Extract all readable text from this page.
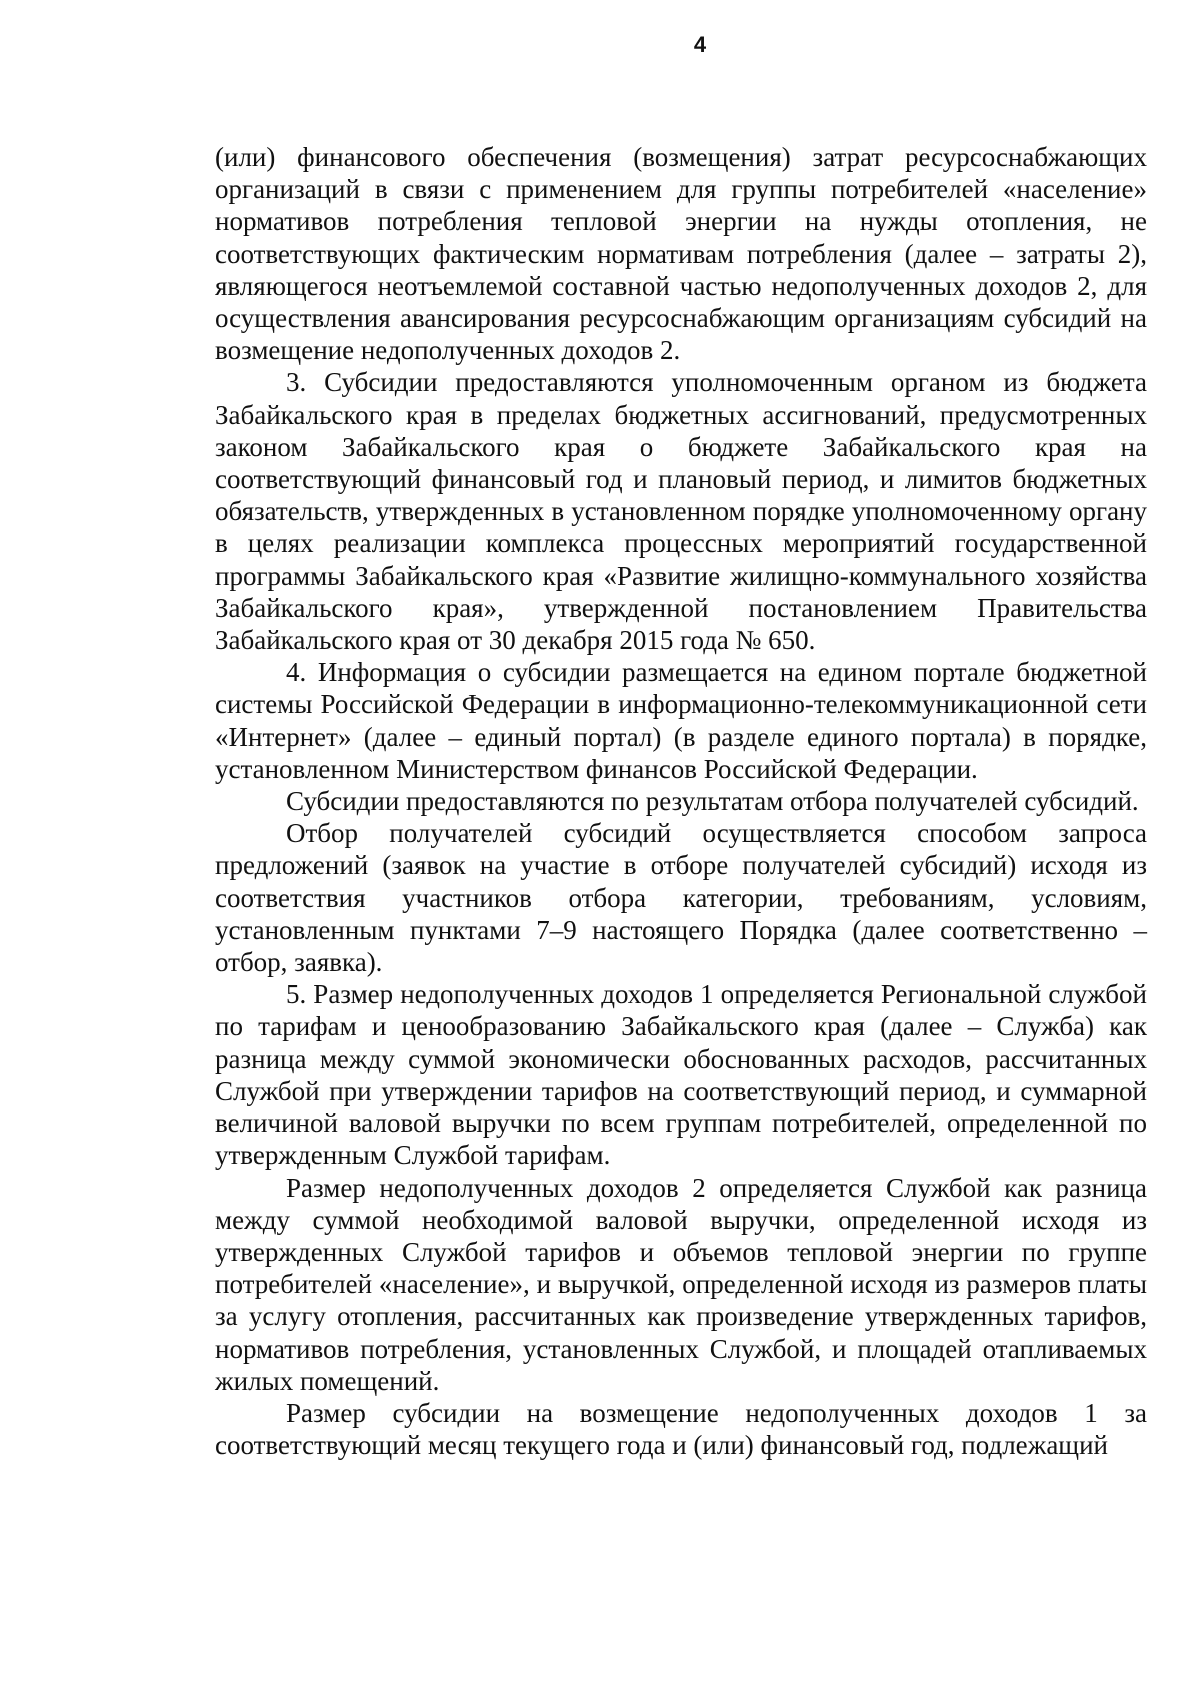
4

(или) финансового обеспечения (возмещения) затрат ресурсоснабжающих организаций в связи с применением для группы потребителей «население» нормативов потребления тепловой энергии на нужды отопления, не соответствующих фактическим нормативам потребления (далее – затраты 2), являющегося неотъемлемой составной частью недополученных доходов 2, для осуществления авансирования ресурсоснабжающим организациям субсидий на возмещение недополученных доходов 2.

3. Субсидии предоставляются уполномоченным органом из бюджета Забайкальского края в пределах бюджетных ассигнований, предусмотренных законом Забайкальского края о бюджете Забайкальского края на соответствующий финансовый год и плановый период, и лимитов бюджетных обязательств, утвержденных в установленном порядке уполномоченному органу в целях реализации комплекса процессных мероприятий государственной программы Забайкальского края «Развитие жилищно-коммунального хозяйства Забайкальского края», утвержденной постановлением Правительства Забайкальского края от 30 декабря 2015 года № 650.

4. Информация о субсидии размещается на едином портале бюджетной системы Российской Федерации в информационно-телекоммуникационной сети «Интернет» (далее – единый портал) (в разделе единого портала) в порядке, установленном Министерством финансов Российской Федерации.

Субсидии предоставляются по результатам отбора получателей субсидий.

Отбор получателей субсидий осуществляется способом запроса предложений (заявок на участие в отборе получателей субсидий) исходя из соответствия участников отбора категории, требованиям, условиям, установленным пунктами 7–9 настоящего Порядка (далее соответственно – отбор, заявка).

5. Размер недополученных доходов 1 определяется Региональной службой по тарифам и ценообразованию Забайкальского края (далее – Служба) как разница между суммой экономически обоснованных расходов, рассчитанных Службой при утверждении тарифов на соответствующий период, и суммарной величиной валовой выручки по всем группам потребителей, определенной по утвержденным Службой тарифам.

Размер недополученных доходов 2 определяется Службой как разница между суммой необходимой валовой выручки, определенной исходя из утвержденных Службой тарифов и объемов тепловой энергии по группе потребителей «население», и выручкой, определенной исходя из размеров платы за услугу отопления, рассчитанных как произведение утвержденных тарифов, нормативов потребления, установленных Службой, и площадей отапливаемых жилых помещений.

Размер субсидии на возмещение недополученных доходов 1 за соответствующий месяц текущего года и (или) финансовый год, подлежащий
